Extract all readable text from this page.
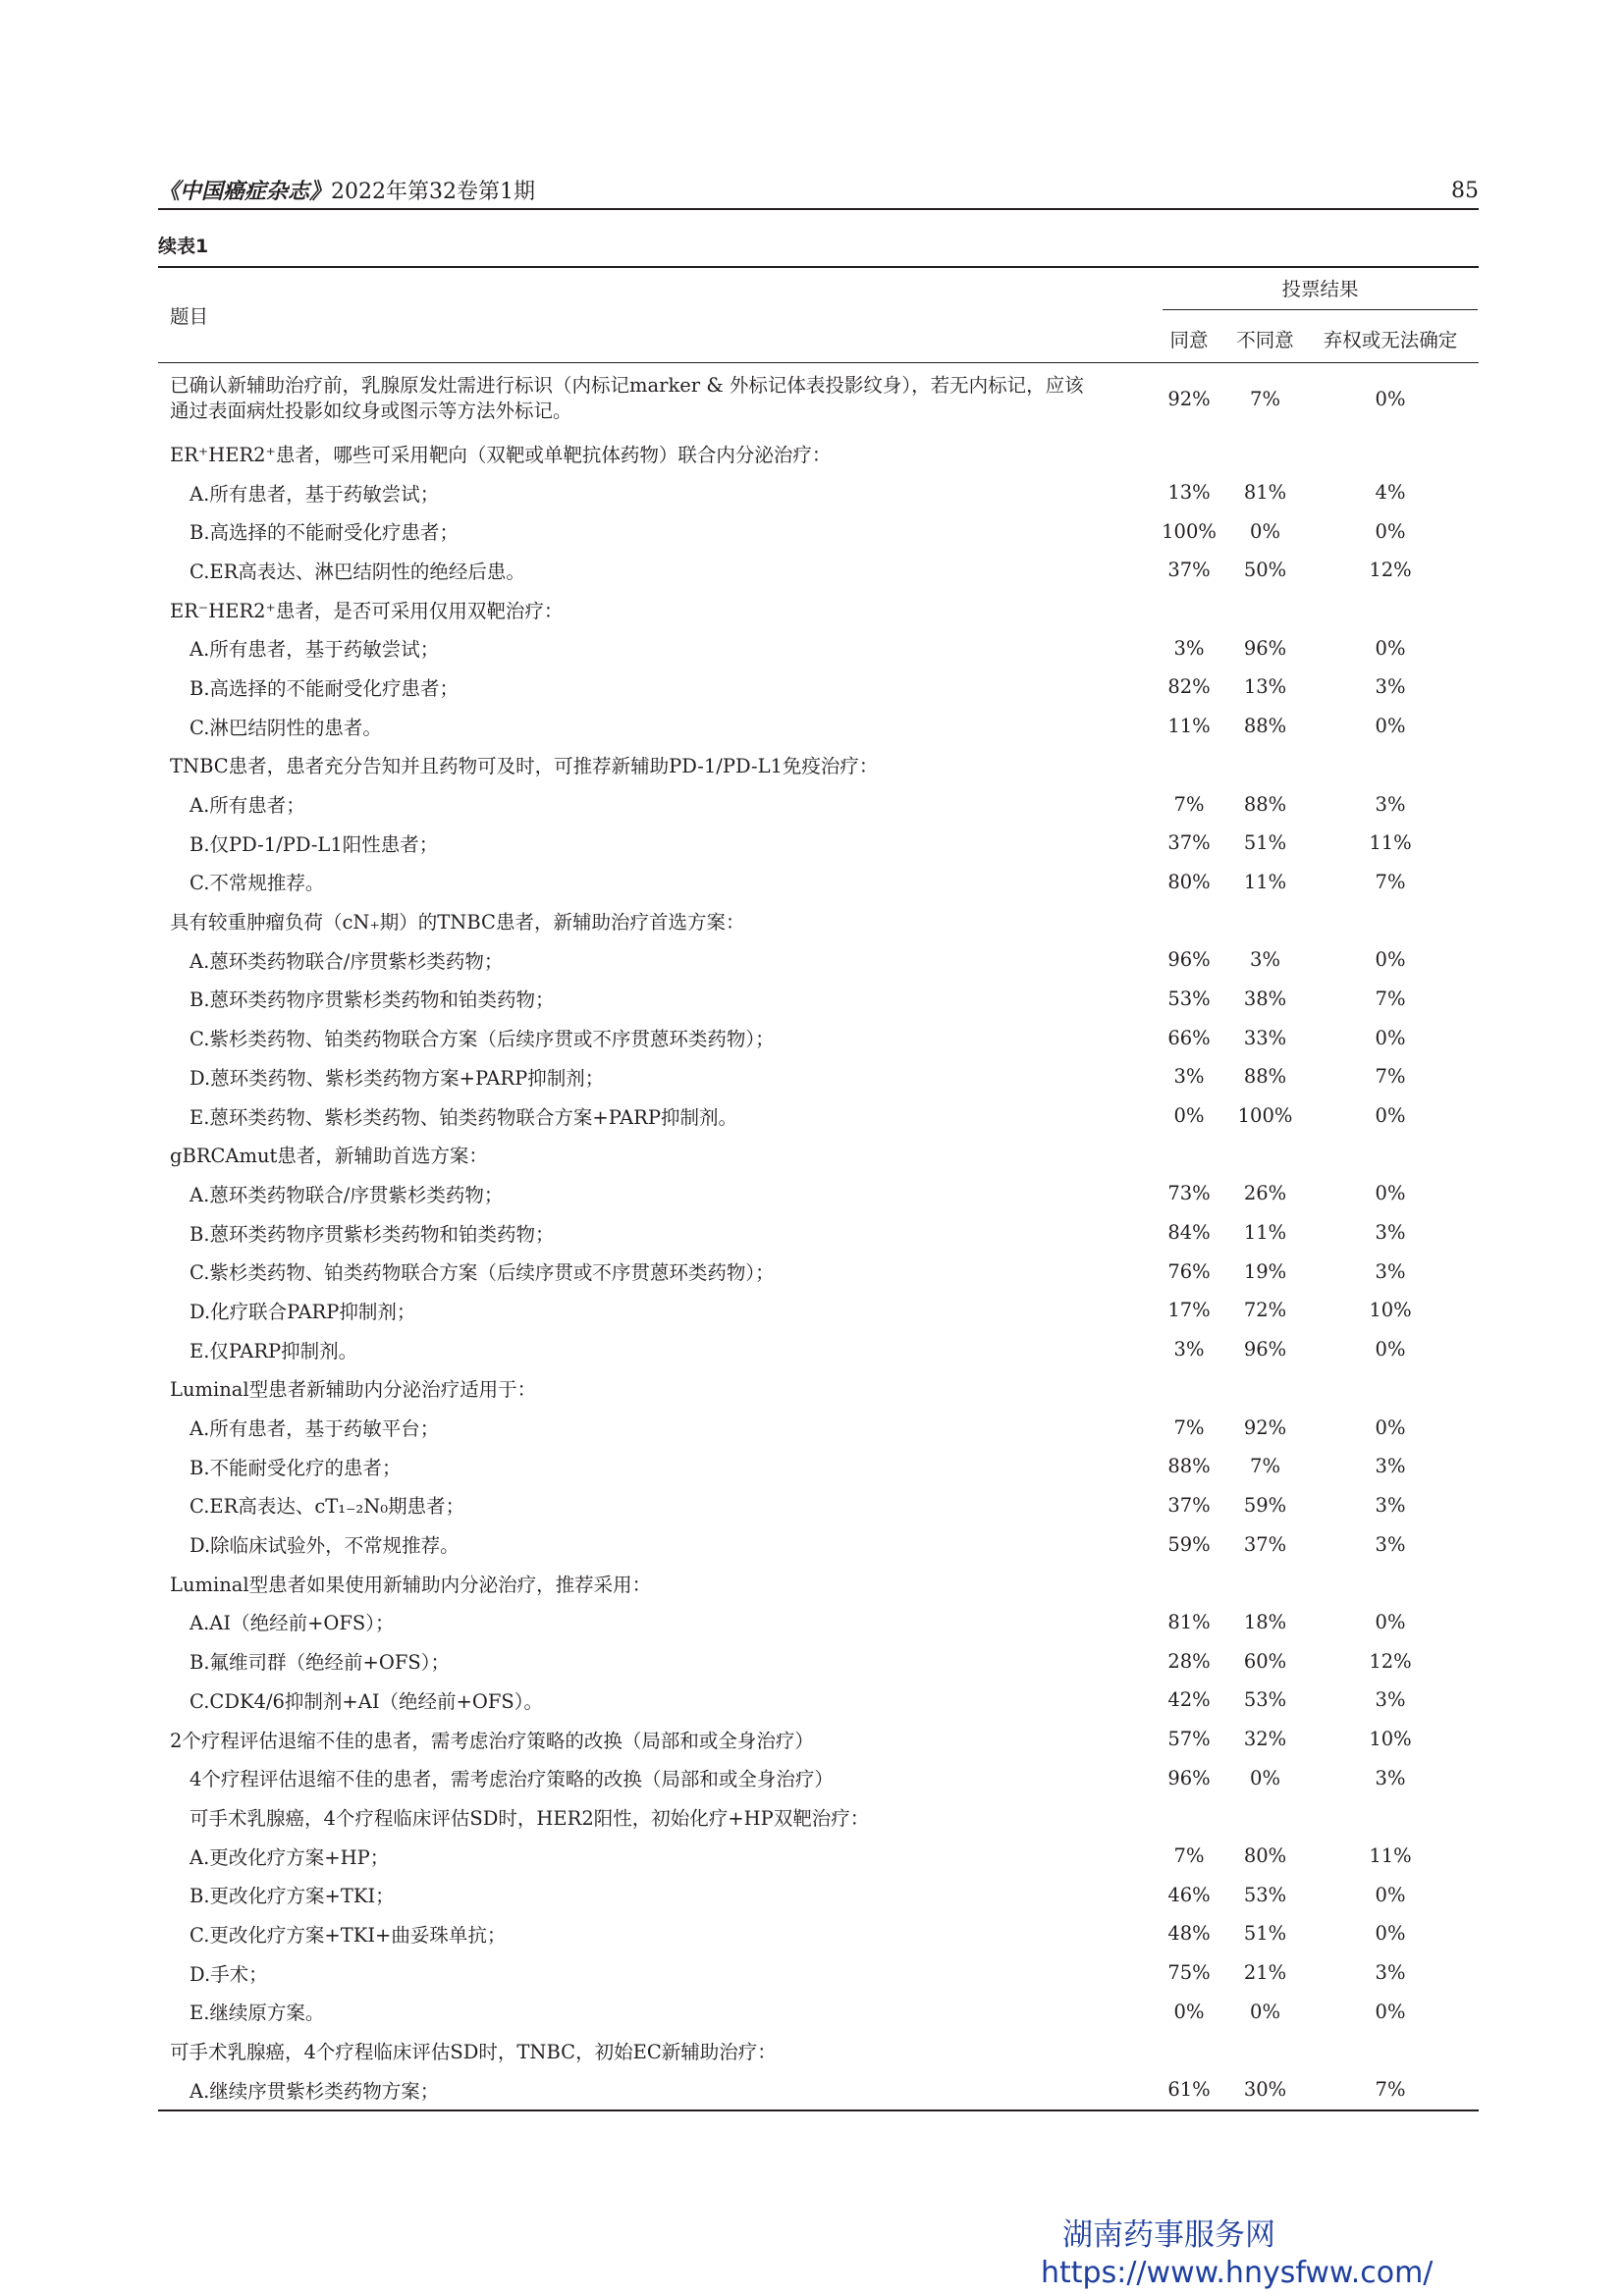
《中国癌症杂志》2022年第32卷第1期	85
续表1
题目	投票结果		

	同意	不同意	弃权或无法确定
已确认新辅助治疗前，乳腺原发灶需进行标识（内标记marker & 外标记体表投影纹身），若无内标记，应该通过表面病灶投影如纹身或图示等方法外标记。	92%	7%	0%
ER⁺HER2⁺患者，哪些可采用靶向（双靶或单靶抗体药物）联合内分泌治疗：			
A.所有患者，基于药敏尝试；	13%	81%	4%
B.高选择的不能耐受化疗患者；	100%	0%	0%
C.ER高表达、淋巴结阴性的绝经后患。	37%	50%	12%
ER⁻HER2⁺患者，是否可采用仅用双靶治疗：			
A.所有患者，基于药敏尝试；	3%	96%	0%
B.高选择的不能耐受化疗患者；	82%	13%	3%
C.淋巴结阴性的患者。	11%	88%	0%
TNBC患者，患者充分告知并且药物可及时，可推荐新辅助PD-1/PD-L1免疫治疗：			
A.所有患者；	7%	88%	3%
B.仅PD-1/PD-L1阳性患者；	37%	51%	11%
C.不常规推荐。	80%	11%	7%
具有较重肿瘤负荷（cN₊期）的TNBC患者，新辅助治疗首选方案：			
A.蒽环类药物联合/序贯紫杉类药物；	96%	3%	0%
B.蒽环类药物序贯紫杉类药物和铂类药物；	53%	38%	7%
C.紫杉类药物、铂类药物联合方案（后续序贯或不序贯蒽环类药物）；	66%	33%	0%
D.蒽环类药物、紫杉类药物方案+PARP抑制剂；	3%	88%	7%
E.蒽环类药物、紫杉类药物、铂类药物联合方案+PARP抑制剂。	0%	100%	0%
gBRCAmut患者，新辅助首选方案：			
A.蒽环类药物联合/序贯紫杉类药物；	73%	26%	0%
B.蒽环类药物序贯紫杉类药物和铂类药物；	84%	11%	3%
C.紫杉类药物、铂类药物联合方案（后续序贯或不序贯蒽环类药物）；	76%	19%	3%
D.化疗联合PARP抑制剂；	17%	72%	10%
E.仅PARP抑制剂。	3%	96%	0%
Luminal型患者新辅助内分泌治疗适用于：			
A.所有患者，基于药敏平台；	7%	92%	0%
B.不能耐受化疗的患者；	88%	7%	3%
C.ER高表达、cT₁₋₂N₀期患者；	37%	59%	3%
D.除临床试验外，不常规推荐。	59%	37%	3%
Luminal型患者如果使用新辅助内分泌治疗，推荐采用：			
A.AI（绝经前+OFS）；	81%	18%	0%
B.氟维司群（绝经前+OFS）；	28%	60%	12%
C.CDK4/6抑制剂+AI（绝经前+OFS）。	42%	53%	3%
2个疗程评估退缩不佳的患者，需考虑治疗策略的改换（局部和或全身治疗）	57%	32%	10%
4个疗程评估退缩不佳的患者，需考虑治疗策略的改换（局部和或全身治疗）	96%	0%	3%
可手术乳腺癌，4个疗程临床评估SD时，HER2阳性，初始化疗+HP双靶治疗：			
A.更改化疗方案+HP；	7%	80%	11%
B.更改化疗方案+TKI；	46%	53%	0%
C.更改化疗方案+TKI+曲妥珠单抗；	48%	51%	0%
D.手术；	75%	21%	3%
E.继续原方案。	0%	0%	0%
可手术乳腺癌，4个疗程临床评估SD时，TNBC，初始EC新辅助治疗：			
A.继续序贯紫杉类药物方案；	61%	30%	7%
湖南药事服务网
https://www.hnysfww.com/
